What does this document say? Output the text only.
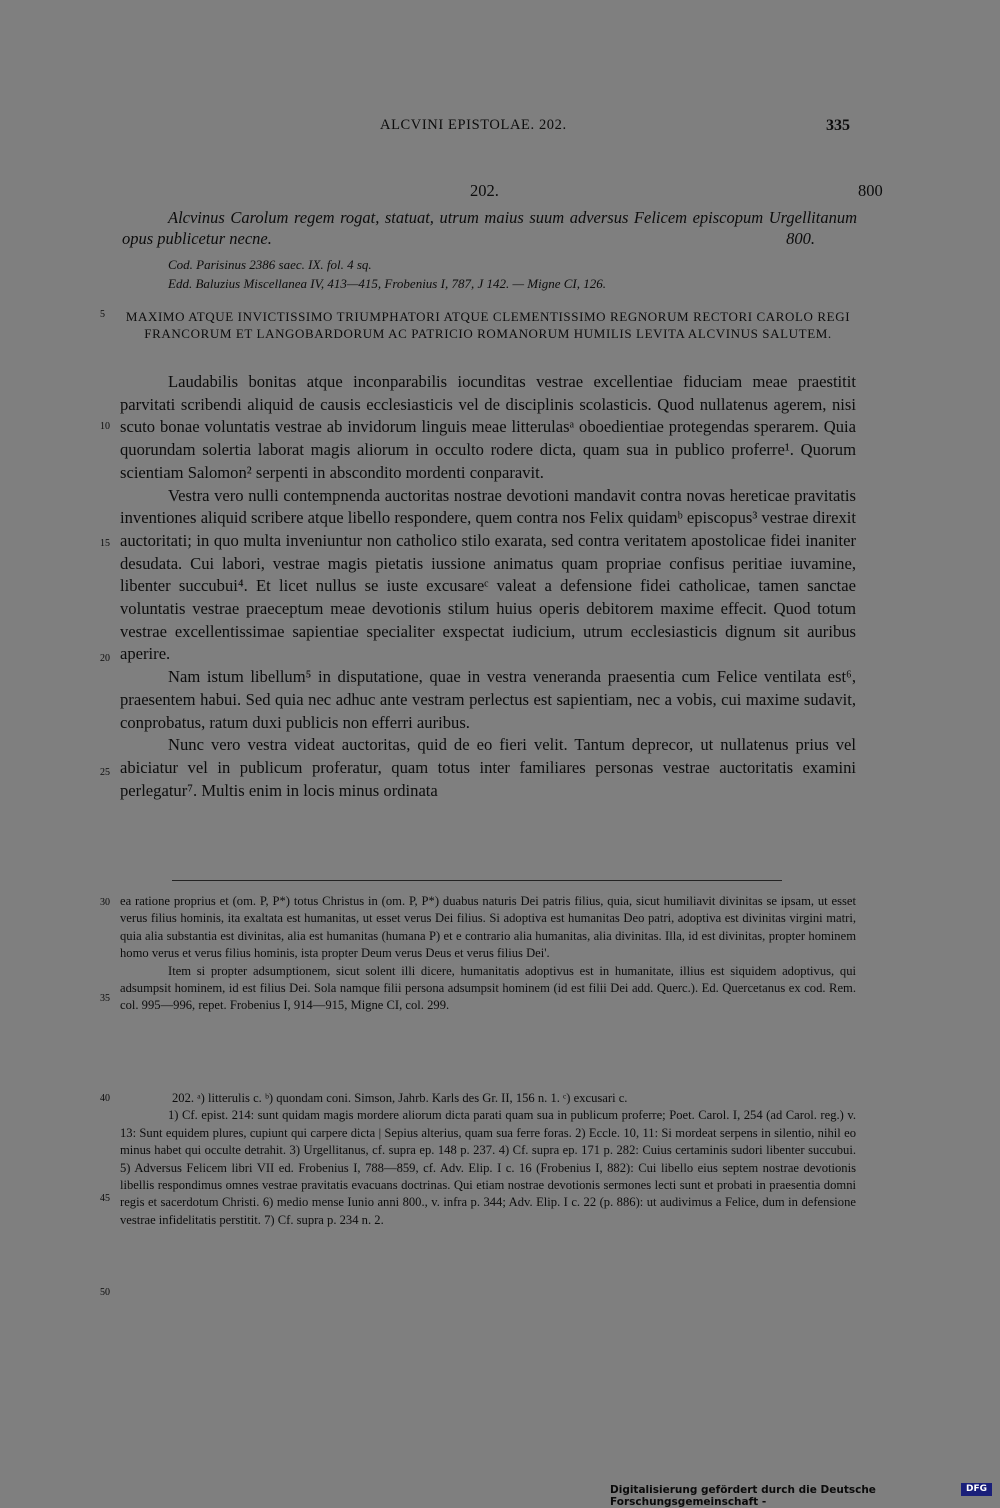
ALCVINI EPISTOLAE. 202.	335
202.	800
Alcvinus Carolum regem rogat, statuat, utrum maius suum adversus Felicem episcopum Urgellitanum opus publicetur necne.	800.
Cod. Parisinus 2386 saec. IX. fol. 4 sq.
Edd. Baluzius Miscellanea IV, 413—415, Frobenius I, 787, J 142. — Migne CI, 126.
MAXIMO ATQUE INVICTISSIMO TRIUMPHATORI ATQUE CLEMENTISSIMO REGNORUM RECTORI CAROLO REGI FRANCORUM ET LANGOBARDORUM AC PATRICIO ROMANORUM HUMILIS LEVITA ALCVINUS SALUTEM.

Laudabilis bonitas atque inconparabilis iocunditas vestrae excellentiae fiduciam meae praestitit parvitati scribendi aliquid de causis ecclesiasticis vel de disciplinis scolasticis. Quod nullatenus agerem, nisi scuto bonae voluntatis vestrae ab invidorum linguis meae litterulasᵃ oboedientiae protegendas sperarem. Quia quorundam solertia laborat magis aliorum in occulto rodere dicta, quam sua in publico proferre¹. Quorum scientiam Salomon² serpenti in abscondito mordenti conparavit.

Vestra vero nulli contempnenda auctoritas nostrae devotioni mandavit contra novas hereticae pravitatis inventiones aliquid scribere atque libello respondere, quem contra nos Felix quidamᵇ episcopus³ vestrae direxit auctoritati; in quo multa inveniuntur non catholico stilo exarata, sed contra veritatem apostolicae fidei inaniter desudata. Cui labori, vestrae magis pietatis iussione animatus quam propriae confisus peritiae iuvamine, libenter succubui⁴. Et licet nullus se iuste excusareᶜ valeat a defensione fidei catholicae, tamen sanctae voluntatis vestrae praeceptum meae devotionis stilum huius operis debitorem maxime effecit. Quod totum vestrae excellentissimae sapientiae specialiter exspectat iudicium, utrum ecclesiasticis dignum sit auribus aperire.

Nam istum libellum⁵ in disputatione, quae in vestra veneranda praesentia cum Felice ventilata est⁶, praesentem habui. Sed quia nec adhuc ante vestram perlectus est sapientiam, nec a vobis, cui maxime sudavit, conprobatus, ratum duxi publicis non efferri auribus.

Nunc vero vestra videat auctoritas, quid de eo fieri velit. Tantum deprecor, ut nullatenus prius vel abiciatur vel in publicum proferatur, quam totus inter familiares personas vestrae auctoritatis examini perlegatur⁷. Multis enim in locis minus ordinata

5
10
15
20
25

ea ratione proprius et (om. P, P*) totus Christus in (om. P, P*) duabus naturis Dei patris filius, quia, sicut humiliavit divinitas se ipsam, ut esset verus filius hominis, ita exaltata est humanitas, ut esset verus Dei filius. Si adoptiva est humanitas Deo patri, adoptiva est divinitas virgini matri, quia alia substantia est divinitas, alia est humanitas (humana P) et e contrario alia humanitas, alia divinitas. Illa, id est divinitas, propter hominem homo verus et verus filius hominis, ista propter Deum verus Deus et verus filius Dei'.

Item si propter adsumptionem, sicut solent illi dicere, humanitatis adoptivus est in humanitate, illius est siquidem adoptivus, qui adsumpsit hominem, id est filius Dei. Sola namque filii persona adsumpsit hominem (id est filii Dei add. Querc.). Ed. Quercetanus ex cod. Rem. col. 995—996, repet. Frobenius I, 914—915, Migne CI, col. 299.

30
35

202. ᵃ) litterulis c. ᵇ) quondam coni. Simson, Jahrb. Karls des Gr. II, 156 n. 1. ᶜ) excusari c.

1) Cf. epist. 214: sunt quidam magis mordere aliorum dicta parati quam sua in publicum proferre; Poet. Carol. I, 254 (ad Carol. reg.) v. 13: Sunt equidem plures, cupiunt qui carpere dicta | Sepius alterius, quam sua ferre foras. 2) Eccle. 10, 11: Si mordeat serpens in silentio, nihil eo minus habet qui occulte detrahit. 3) Urgellitanus, cf. supra ep. 148 p. 237. 4) Cf. supra ep. 171 p. 282: Cuius certaminis sudori libenter succubui. 5) Adversus Felicem libri VII ed. Frobenius I, 788—859, cf. Adv. Elip. I c. 16 (Frobenius I, 882): Cui libello eius septem nostrae devotionis libellis respondimus omnes vestrae pravitatis evacuans doctrinas. Qui etiam nostrae devotionis sermones lecti sunt et probati in praesentia domni regis et sacerdotum Christi. 6) medio mense Iunio anni 800., v. infra p. 344; Adv. Elip. I c. 22 (p. 886): ut audivimus a Felice, dum in defensione vestrae infidelitatis perstitit. 7) Cf. supra p. 234 n. 2.

40
45
50
Digitalisierung gefördert durch die Deutsche Forschungsgemeinschaft -
DFG
